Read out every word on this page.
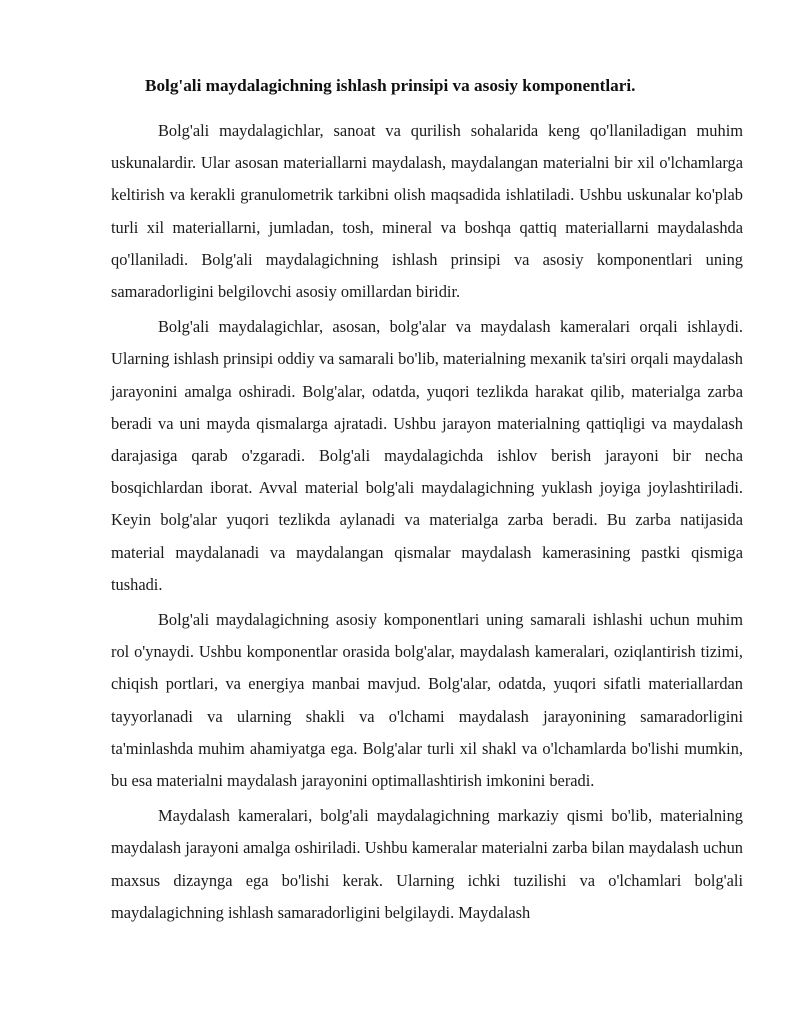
Bolg'ali maydalagichning ishlash prinsipi va asosiy komponentlari.

Bolg'ali maydalagichlar, sanoat va qurilish sohalarida keng qo'llaniladigan muhim uskunalardir. Ular asosan materiallarni maydalash, maydalangan materialni bir xil o'lchamlarga keltirish va kerakli granulometrik tarkibni olish maqsadida ishlatiladi. Ushbu uskunalar ko'plab turli xil materiallarni, jumladan, tosh, mineral va boshqa qattiq materiallarni maydalashda qo'llaniladi. Bolg'ali maydalagichning ishlash prinsipi va asosiy komponentlari uning samaradorligini belgilovchi asosiy omillardan biridir.

Bolg'ali maydalagichlar, asosan, bolg'alar va maydalash kameralari orqali ishlaydi. Ularning ishlash prinsipi oddiy va samarali bo'lib, materialning mexanik ta'siri orqali maydalash jarayonini amalga oshiradi. Bolg'alar, odatda, yuqori tezlikda harakat qilib, materialga zarba beradi va uni mayda qismalarga ajratadi. Ushbu jarayon materialning qattiqligi va maydalash darajasiga qarab o'zgaradi. Bolg'ali maydalagichda ishlov berish jarayoni bir necha bosqichlardan iborat. Avval material bolg'ali maydalagichning yuklash joyiga joylashtiriladi. Keyin bolg'alar yuqori tezlikda aylanadi va materialga zarba beradi. Bu zarba natijasida material maydalanadi va maydalangan qismalar maydalash kamerasining pastki qismiga tushadi.

Bolg'ali maydalagichning asosiy komponentlari uning samarali ishlashi uchun muhim rol o'ynaydi. Ushbu komponentlar orasida bolg'alar, maydalash kameralari, oziqlantirish tizimi, chiqish portlari, va energiya manbai mavjud. Bolg'alar, odatda, yuqori sifatli materiallardan tayyorlanadi va ularning shakli va o'lchami maydalash jarayonining samaradorligini ta'minlashda muhim ahamiyatga ega. Bolg'alar turli xil shakl va o'lchamlarda bo'lishi mumkin, bu esa materialni maydalash jarayonini optimallashtirish imkonini beradi.

Maydalash kameralari, bolg'ali maydalagichning markaziy qismi bo'lib, materialning maydalash jarayoni amalga oshiriladi. Ushbu kameralar materialni zarba bilan maydalash uchun maxsus dizaynga ega bo'lishi kerak. Ularning ichki tuzilishi va o'lchamlari bolg'ali maydalagichning ishlash samaradorligini belgilaydi. Maydalash
